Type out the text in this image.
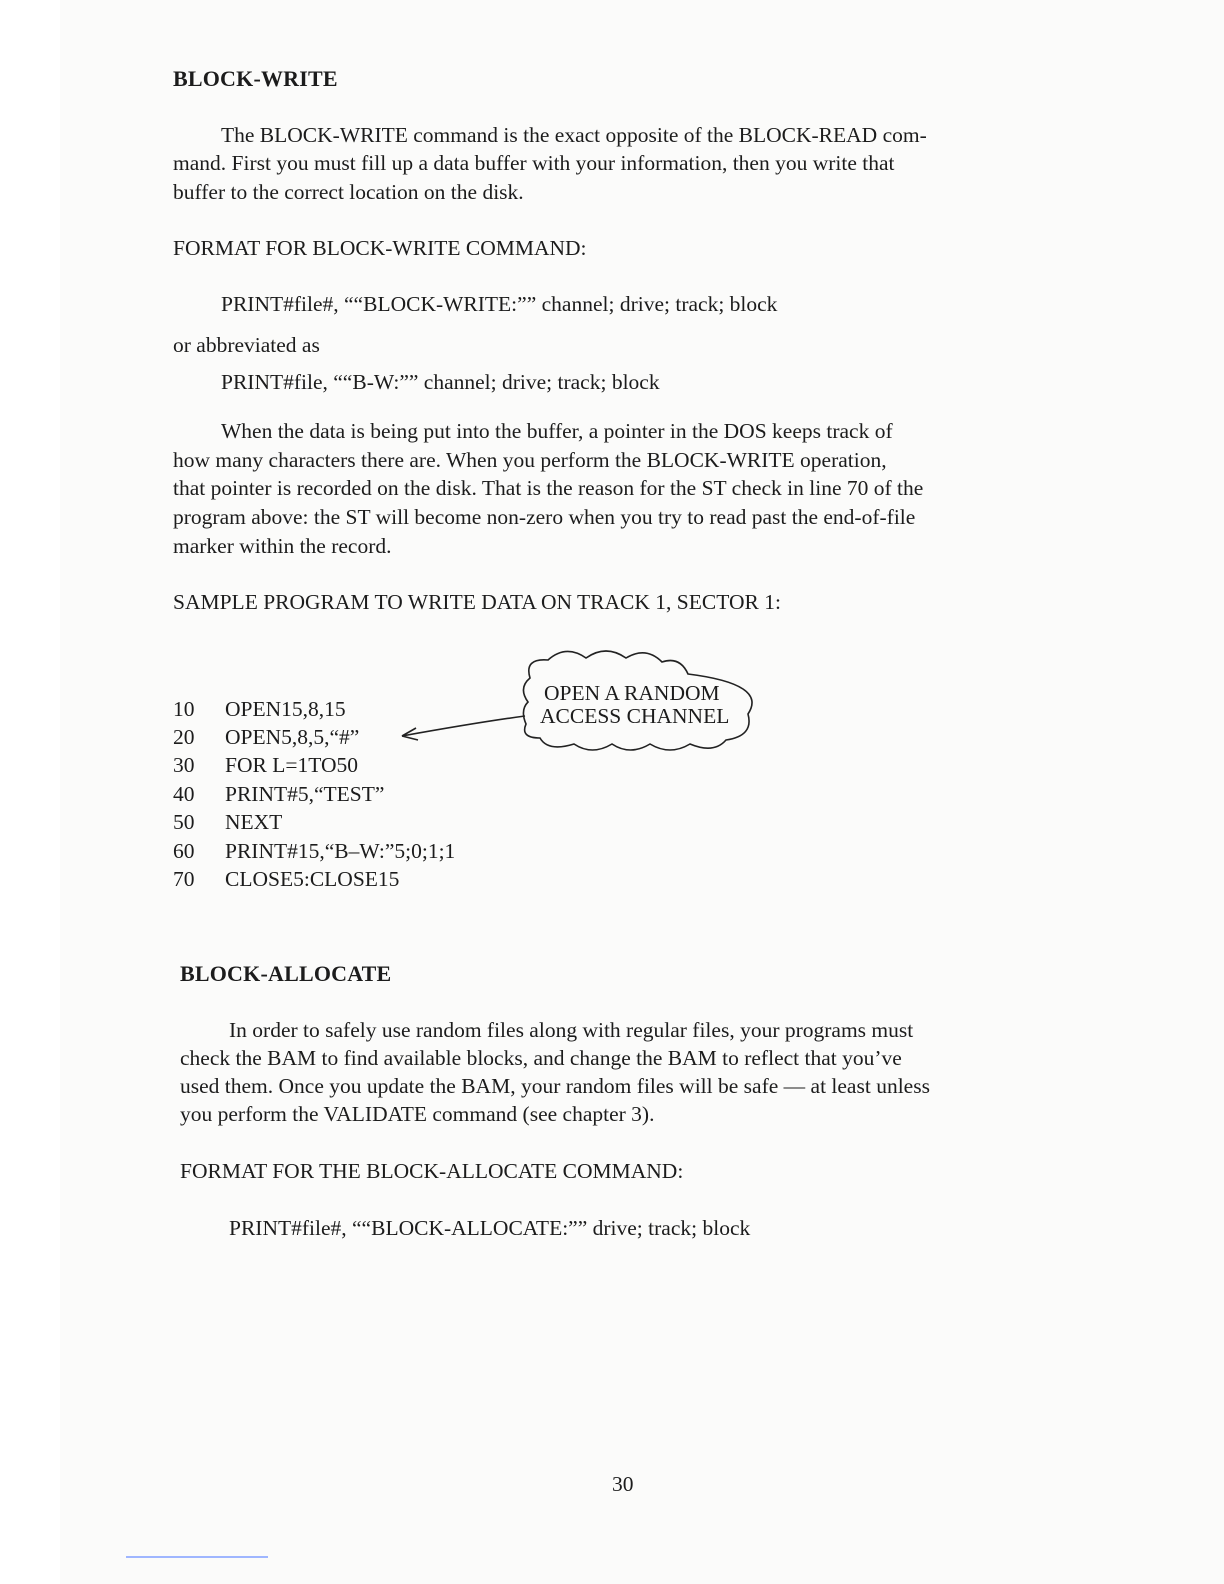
BLOCK-WRITE
The BLOCK-WRITE command is the exact opposite of the BLOCK-READ com-
mand. First you must fill up a data buffer with your information, then you write that
buffer to the correct location on the disk.
FORMAT FOR BLOCK-WRITE COMMAND:
PRINT#file#, ““BLOCK-WRITE:”” channel; drive; track; block
or abbreviated as
PRINT#file, ““B-W:”” channel; drive; track; block
When the data is being put into the buffer, a pointer in the DOS keeps track of
how many characters there are. When you perform the BLOCK-WRITE operation,
that pointer is recorded on the disk. That is the reason for the ST check in line 70 of the
program above: the ST will become non-zero when you try to read past the end-of-file
marker within the record.
SAMPLE PROGRAM TO WRITE DATA ON TRACK 1, SECTOR 1:
10 OPEN15,8,15
20 OPEN5,8,5,“#”
30 FOR L=1TO50
40 PRINT#5,“TEST”
50 NEXT
60 PRINT#15,“B–W:”5;0;1;1
70 CLOSE5:CLOSE15
OPEN A RANDOM
ACCESS CHANNEL
BLOCK-ALLOCATE
In order to safely use random files along with regular files, your programs must
check the BAM to find available blocks, and change the BAM to reflect that you’ve
used them. Once you update the BAM, your random files will be safe — at least unless
you perform the VALIDATE command (see chapter 3).
FORMAT FOR THE BLOCK-ALLOCATE COMMAND:
PRINT#file#, ““BLOCK-ALLOCATE:”” drive; track; block
30
